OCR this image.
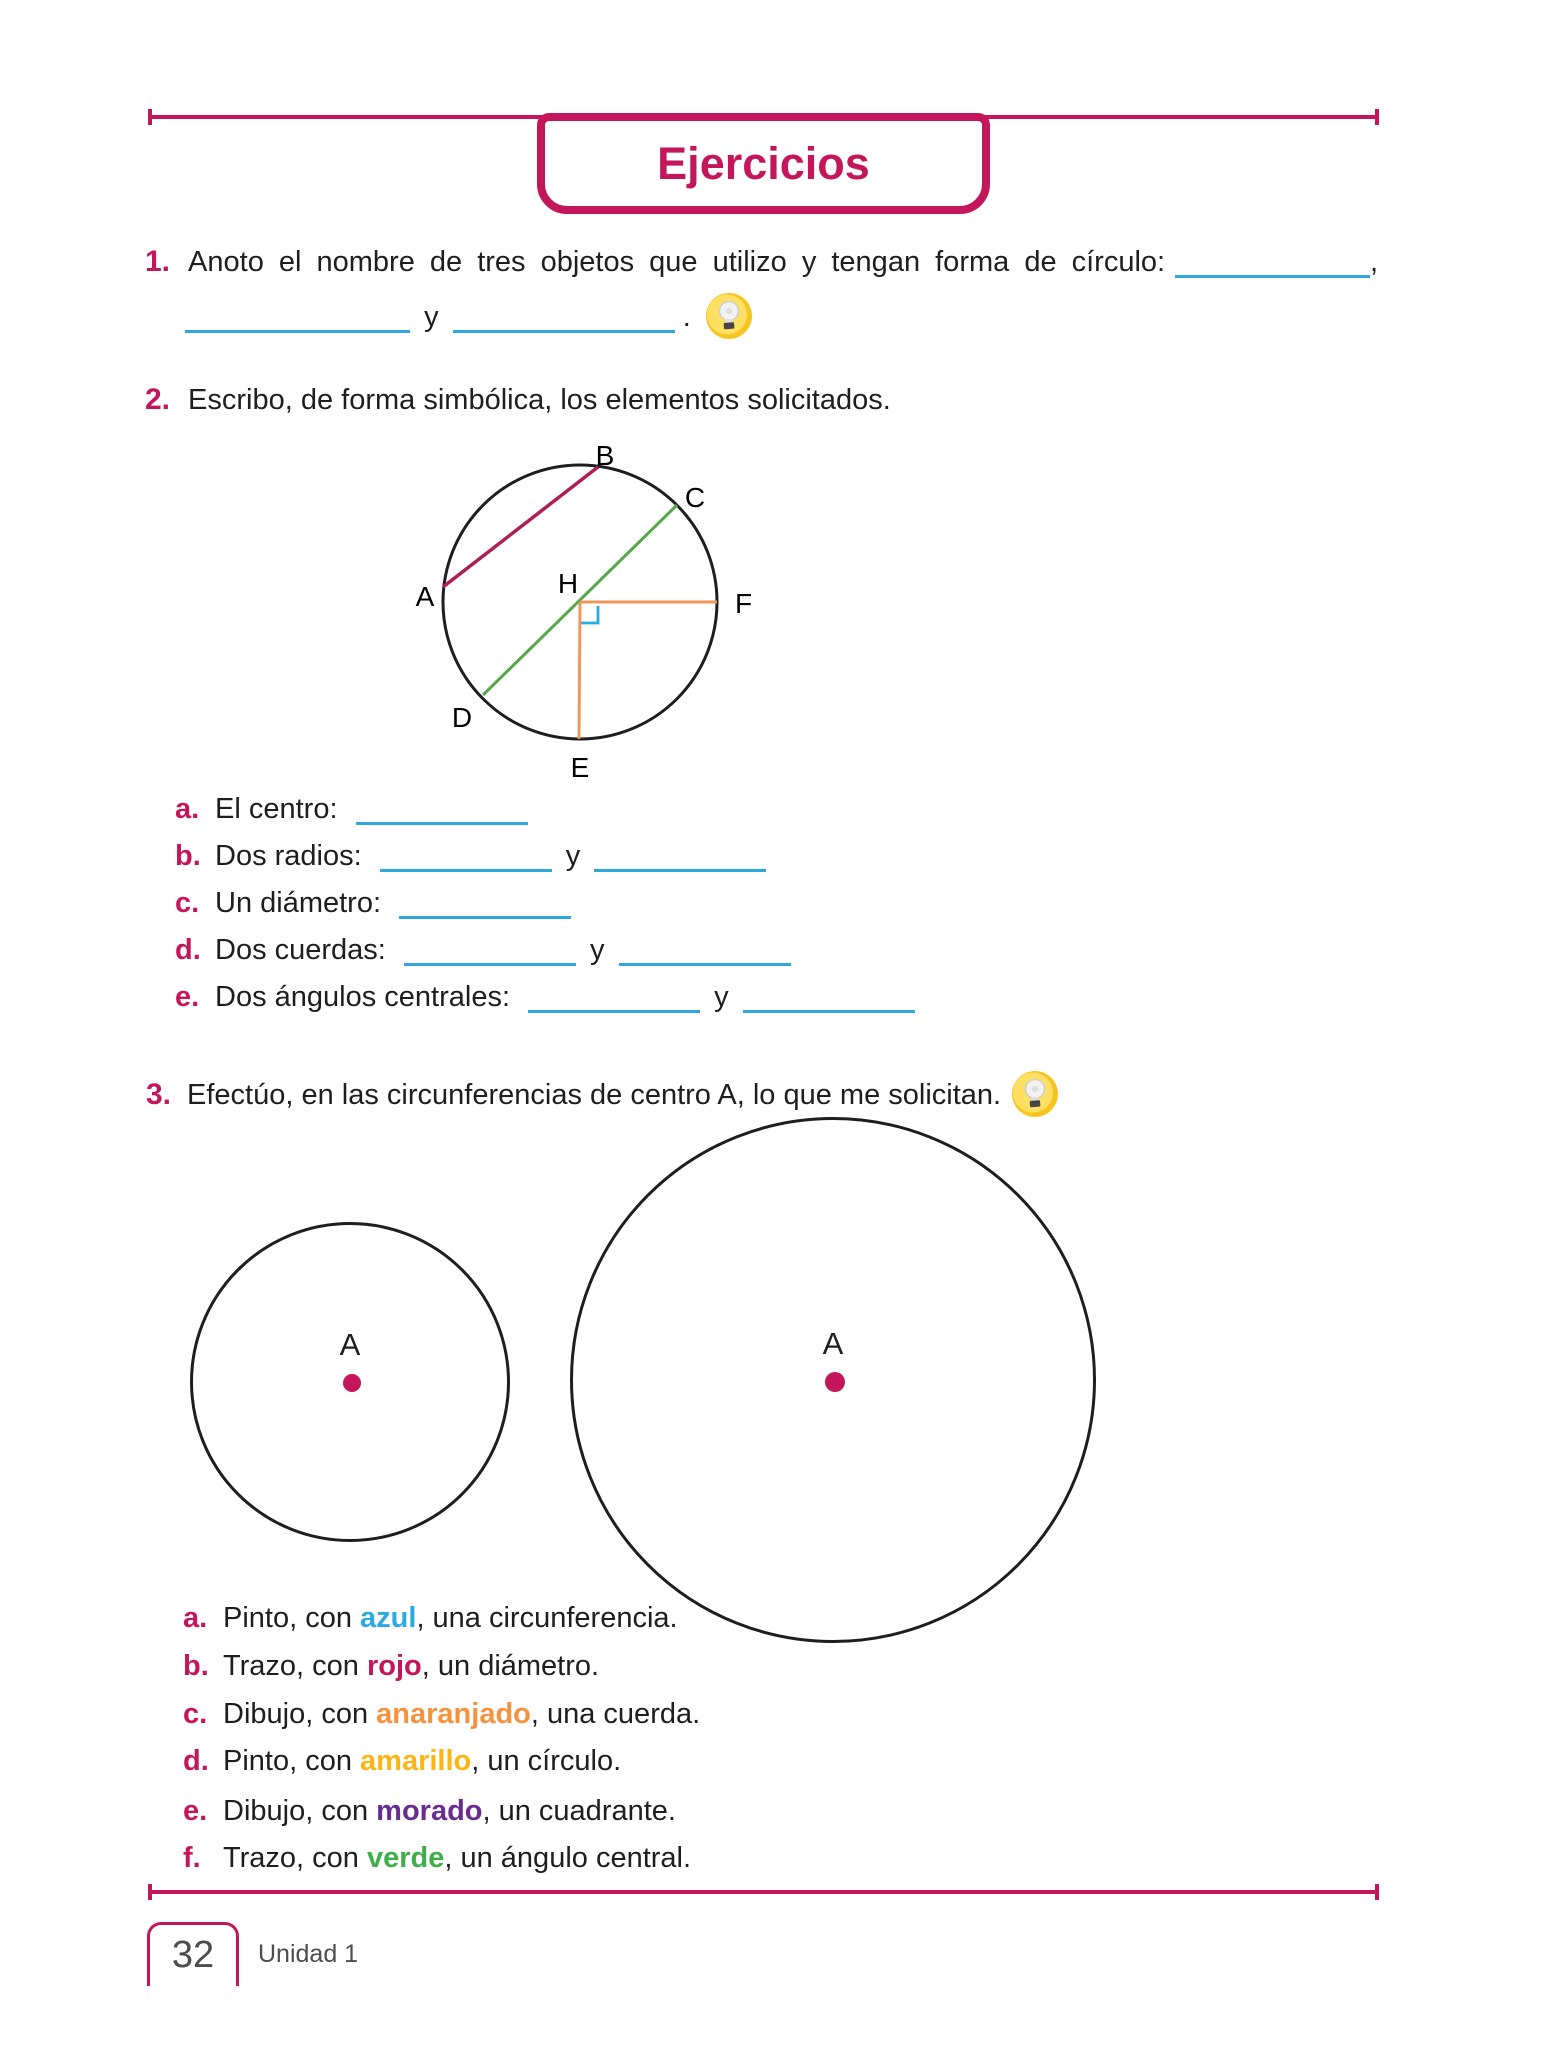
Ejercicios
1. Anoto el nombre de tres objetos que utilizo y tengan forma de círculo:	,
y	.
2. Escribo, de forma simbólica, los elementos solicitados.
A
B
C
D
E
F
H
a. El centro:
b. Dos radios:	y
c. Un diámetro:
d. Dos cuerdas:	y
e. Dos ángulos centrales:	y
3. Efectúo, en las circunferencias de centro A, lo que me solicitan.
A	A
a. Pinto, con azul, una circunferencia.
b. Trazo, con rojo, un diámetro.
c. Dibujo, con anaranjado, una cuerda.
d. Pinto, con amarillo, un círculo.
e. Dibujo, con morado, un cuadrante.
f. Trazo, con verde, un ángulo central.
32 Unidad 1
